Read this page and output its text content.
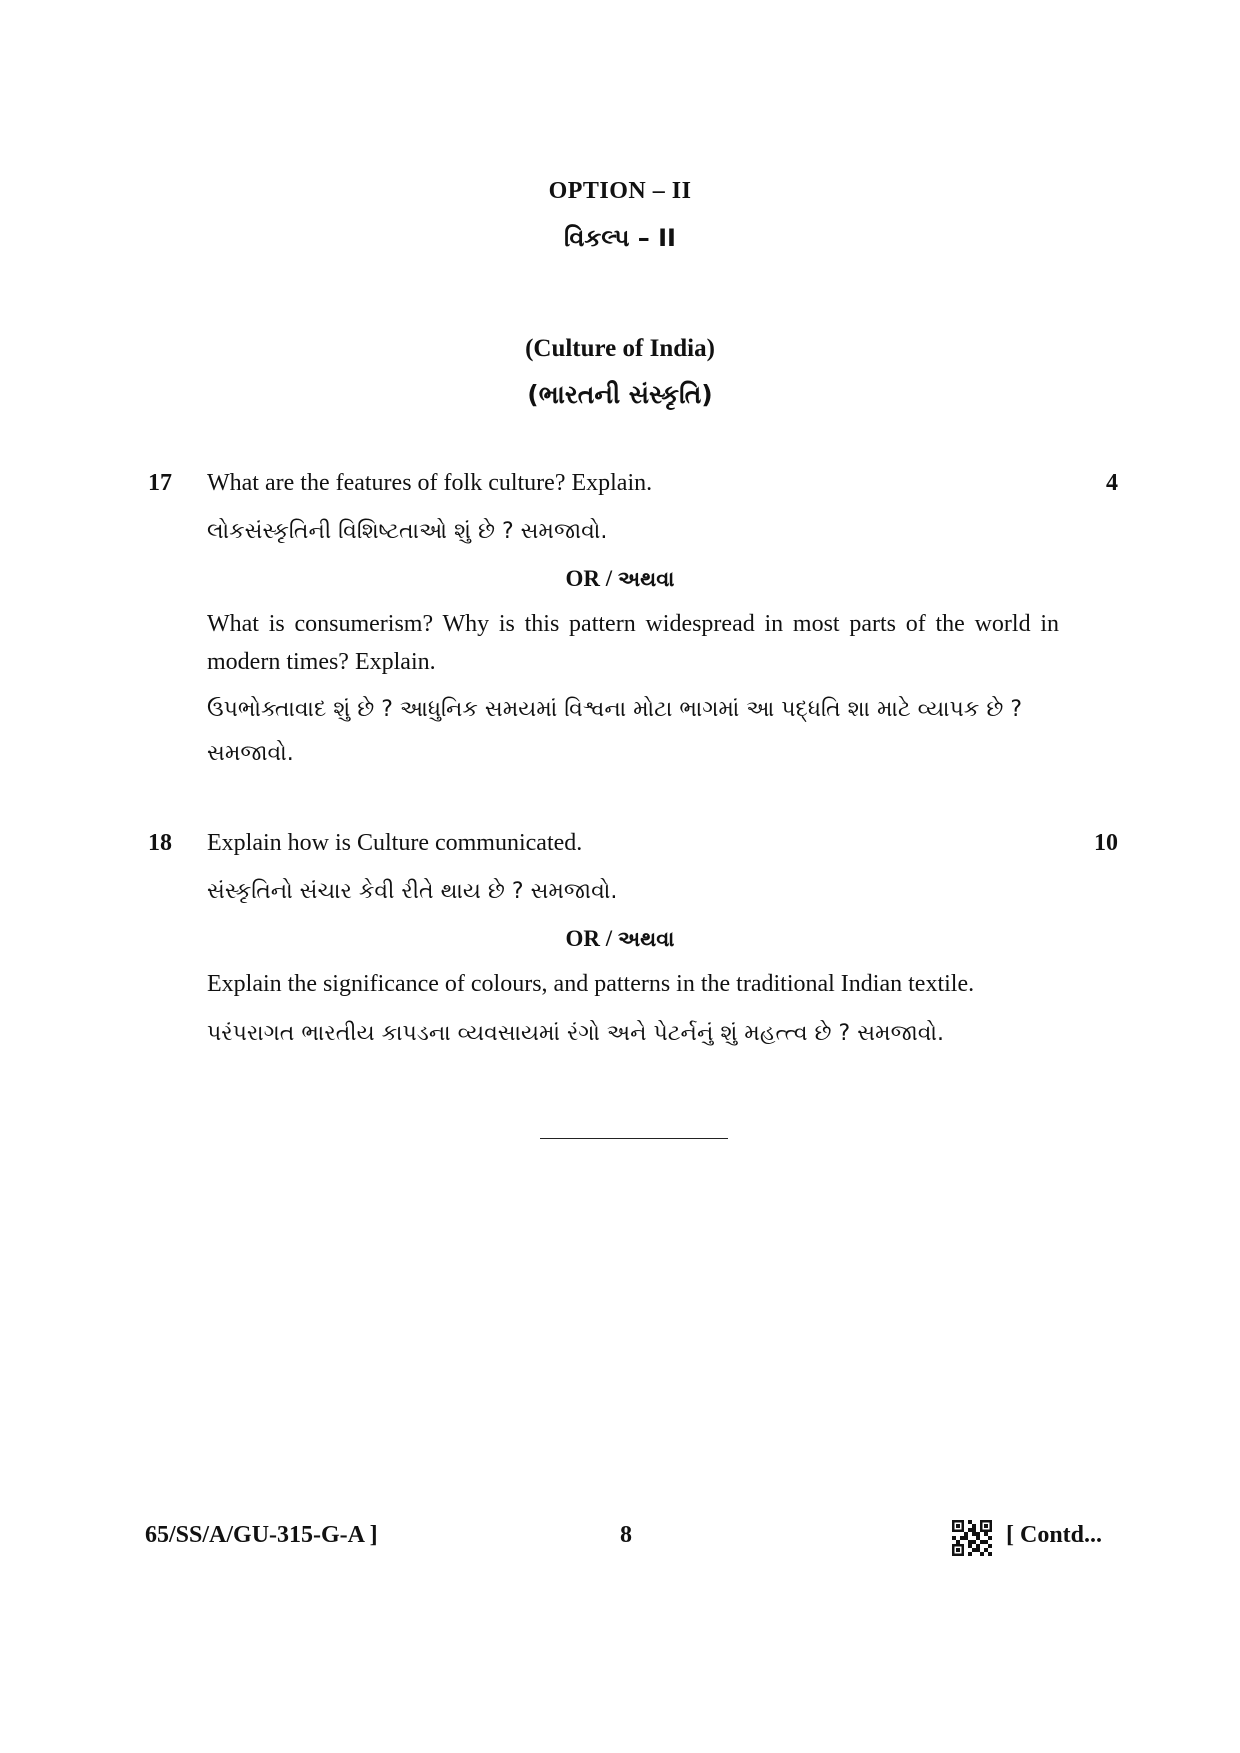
OPTION – II
વિકલ્પ – II
(Culture of India)
(ભારતની સંસ્કૃતિ)
17 What are the features of folk culture? Explain.	4
લોકસંસ્કૃતિની વિશિષ્ટતાઓ શું છે ? સમજાવો.
OR / અથવા
What is consumerism? Why is this pattern widespread in most parts of the world in modern times? Explain.
ઉપભોક્તાવાદ શું છે ? આધુનિક સમયમાં વિશ્વના મોટા ભાગમાં આ પદ્ધતિ શા માટે વ્યાપક છે ? સમજાવો.
18 Explain how is Culture communicated.	10
સંસ્કૃતિનો સંચાર કેવી રીતે થાય છે ? સમજાવો.
OR / અથવા
Explain the significance of colours, and patterns in the traditional Indian textile.
પરંપરાગત ભારતીય કાપડના વ્યવસાયમાં રંગો અને પેટર્નનું શું મહત્ત્વ છે ? સમજાવો.
65/SS/A/GU-315-G-A ]	8	[ Contd...
